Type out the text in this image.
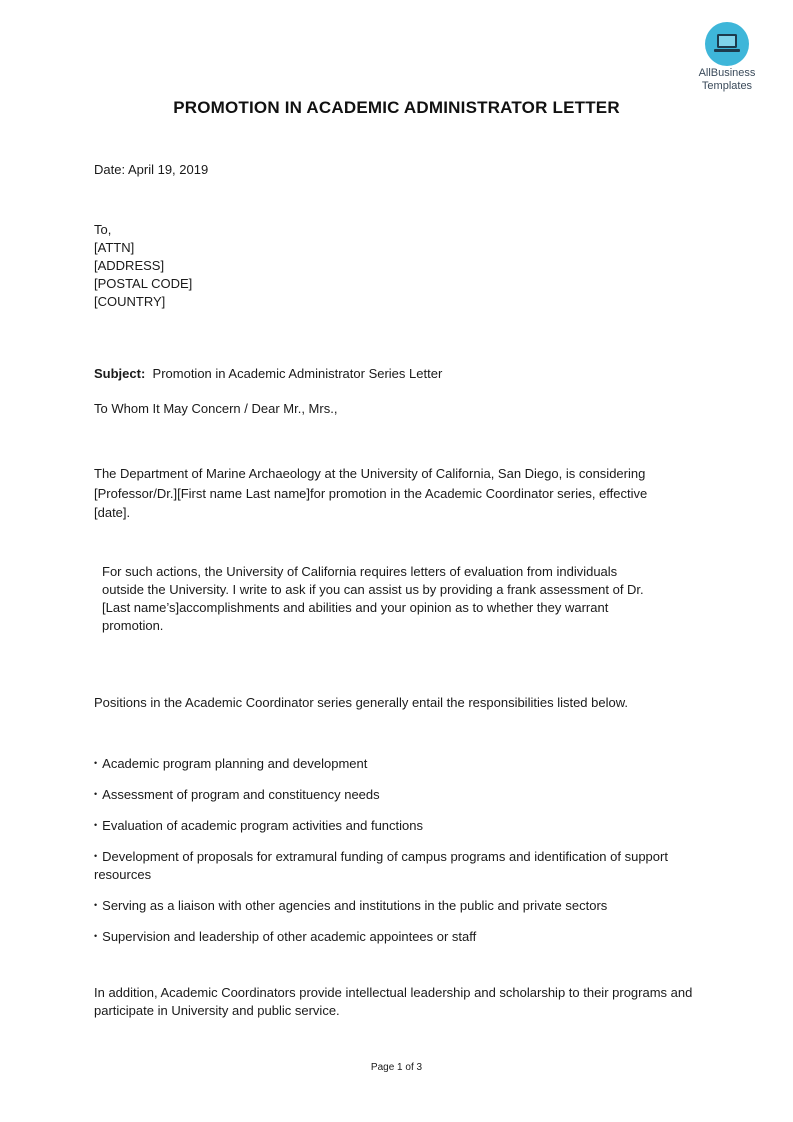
AllBusiness
Templates
PROMOTION IN ACADEMIC ADMINISTRATOR LETTER
Date: April 19, 2019
To,
[ATTN]
[ADDRESS]
[POSTAL CODE]
[COUNTRY]
Subject: Promotion in Academic Administrator Series Letter
To Whom It May Concern / Dear Mr., Mrs.,
The Department of Marine Archaeology at the University of California, San Diego, is considering [Professor/Dr.][First name Last name]for promotion in the Academic Coordinator series, effective [date].
For such actions, the University of California requires letters of evaluation from individuals outside the University. I write to ask if you can assist us by providing a frank assessment of Dr.[Last name’s]accomplishments and abilities and your opinion as to whether they warrant promotion.
Positions in the Academic Coordinator series generally entail the responsibilities listed below.
• Academic program planning and development
• Assessment of program and constituency needs
• Evaluation of academic program activities and functions
• Development of proposals for extramural funding of campus programs and identification of support resources
• Serving as a liaison with other agencies and institutions in the public and private sectors
• Supervision and leadership of other academic appointees or staff
In addition, Academic Coordinators provide intellectual leadership and scholarship to their programs and participate in University and public service.
Page 1 of 3
